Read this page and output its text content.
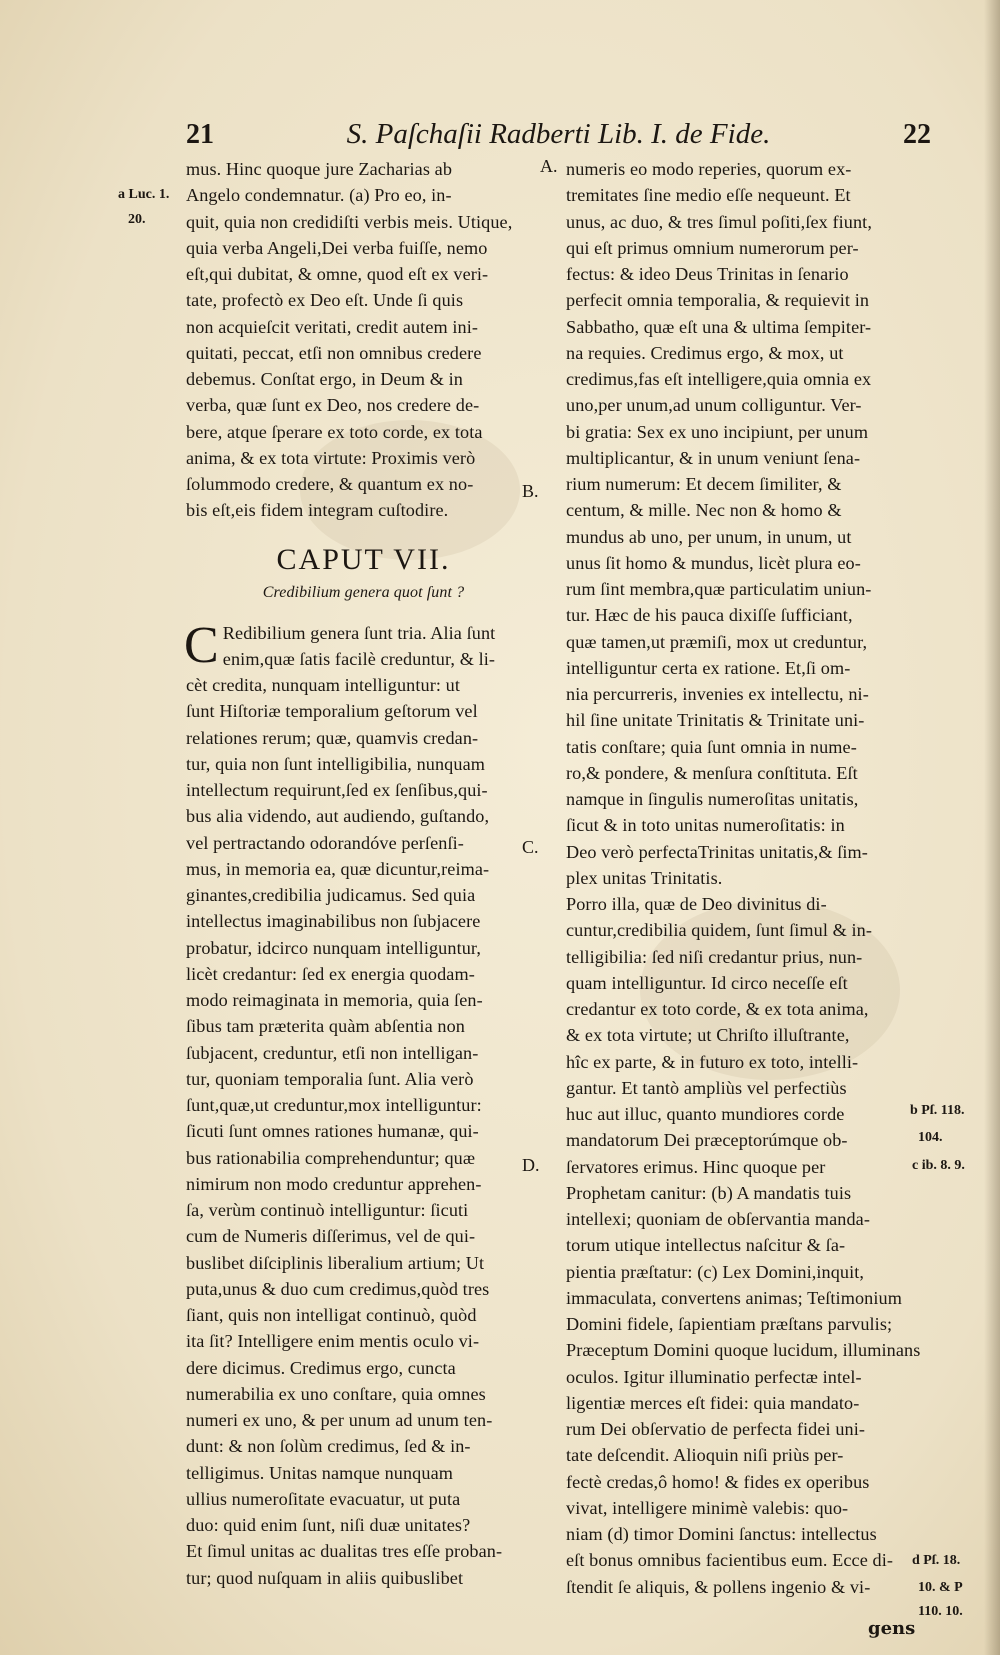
21	S. Paſchaſii Radberti Lib. I. de Fide.	22
mus. Hinc quoque jure Zacharias ab
Angelo condemnatur. (a) Pro eo, in-
quit, quia non credidiſti verbis meis. Utique,
quia verba Angeli,Dei verba fuiſſe, nemo
eſt,qui dubitat, & omne, quod eſt ex veri-
tate, profectò ex Deo eſt. Unde ſi quis
non acquieſcit veritati, credit autem ini-
quitati, peccat, etſi non omnibus credere
debemus. Conſtat ergo, in Deum & in
verba, quæ ſunt ex Deo, nos credere de-
bere, atque ſperare ex toto corde, ex tota
anima, & ex tota virtute: Proximis verò
ſolummodo credere, & quantum ex no-
bis eſt,eis fidem integram cuſtodire.
CAPUT VII.
Credibilium genera quot ſunt ?
C Redibilium genera ſunt tria. Alia ſunt
enim,quæ ſatis facilè creduntur, & li-
cèt credita, nunquam intelliguntur: ut
ſunt Hiſtoriæ temporalium geſtorum vel
relationes rerum; quæ, quamvis credan-
tur, quia non ſunt intelligibilia, nunquam
intellectum requirunt,ſed ex ſenſibus,qui-
bus alia videndo, aut audiendo, guſtando,
vel pertractando odorandóve perſenſi-
mus, in memoria ea, quæ dicuntur,reima-
ginantes,credibilia judicamus. Sed quia
intellectus imaginabilibus non ſubjacere
probatur, idcirco nunquam intelliguntur,
licèt credantur: ſed ex energia quodam-
modo reimaginata in memoria, quia ſen-
ſibus tam præterita quàm abſentia non
ſubjacent, creduntur, etſi non intelligan-
tur, quoniam temporalia ſunt. Alia verò
ſunt,quæ,ut creduntur,mox intelliguntur:
ſicuti ſunt omnes rationes humanæ, qui-
bus rationabilia comprehenduntur; quæ
nimirum non modo creduntur apprehen-
ſa, verùm continuò intelliguntur: ſicuti
cum de Numeris diſſerimus, vel de qui-
buslibet diſciplinis liberalium artium; Ut
puta,unus & duo cum credimus,quòd tres
ſiant, quis non intelligat continuò, quòd
ita ſit? Intelligere enim mentis oculo vi-
dere dicimus. Credimus ergo, cuncta
numerabilia ex uno conſtare, quia omnes
numeri ex uno, & per unum ad unum ten-
dunt: & non ſolùm credimus, ſed & in-
telligimus. Unitas namque nunquam
ullius numeroſitate evacuatur, ut puta
duo: quid enim ſunt, niſi duæ unitates?
Et ſimul unitas ac dualitas tres eſſe proban-
tur; quod nuſquam in aliis quibuslibet
numeris eo modo reperies, quorum ex-
tremitates ſine medio eſſe nequeunt. Et
unus, ac duo, & tres ſimul poſiti,ſex fiunt,
qui eſt primus omnium numerorum per-
fectus: & ideo Deus Trinitas in ſenario
perfecit omnia temporalia, & requievit in
Sabbatho, quæ eſt una & ultima ſempiter-
na requies. Credimus ergo, & mox, ut
credimus,fas eſt intelligere,quia omnia ex
uno,per unum,ad unum colliguntur. Ver-
bi gratia: Sex ex uno incipiunt, per unum
multiplicantur, & in unum veniunt ſena-
rium numerum: Et decem ſimiliter, &
centum, & mille. Nec non & homo &
mundus ab uno, per unum, in unum, ut
unus ſit homo & mundus, licèt plura eo-
rum ſint membra,quæ particulatim uniun-
tur. Hæc de his pauca dixiſſe ſufficiant,
quæ tamen,ut præmiſi, mox ut creduntur,
intelliguntur certa ex ratione. Et,ſi om-
nia percurreris, invenies ex intellectu, ni-
hil ſine unitate Trinitatis & Trinitate uni-
tatis conſtare; quia ſunt omnia in nume-
ro,& pondere, & menſura conſtituta. Eſt
namque in ſingulis numeroſitas unitatis,
ſicut & in toto unitas numeroſitatis: in
Deo verò perfectaTrinitas unitatis,& ſim-
plex unitas Trinitatis.
Porro illa, quæ de Deo divinitus di-
cuntur,credibilia quidem, ſunt ſimul & in-
telligibilia: ſed niſi credantur prius, nun-
quam intelliguntur. Id circo neceſſe eſt
credantur ex toto corde, & ex tota anima,
& ex tota virtute; ut Chriſto illuſtrante,
hîc ex parte, & in futuro ex toto, intelli-
gantur. Et tantò ampliùs vel perfectiùs
huc aut illuc, quanto mundiores corde
mandatorum Dei præceptorúmque ob-
ſervatores erimus. Hinc quoque per
Prophetam canitur: (b) A mandatis tuis
intellexi; quoniam de obſervantia manda-
torum utique intellectus naſcitur & ſa-
pientia præſtatur: (c) Lex Domini,inquit,
immaculata, convertens animas; Teſtimonium
Domini fidele, ſapientiam præſtans parvulis;
Præceptum Domini quoque lucidum, illuminans
oculos. Igitur illuminatio perfectæ intel-
ligentiæ merces eſt fidei: quia mandato-
rum Dei obſervatio de perfecta fidei uni-
tate deſcendit. Alioquin niſi priùs per-
fectè credas,ô homo! & fides ex operibus
vivat, intelligere minimè valebis: quo-
niam (d) timor Domini ſanctus: intellectus
eſt bonus omnibus facientibus eum. Ecce di-
ſtendit ſe aliquis, & pollens ingenio & vi-
A.
B.
C.
D.
a Luc. 1.
20.
b Pſ. 118.
104.
c ib. 8. 9.
d Pſ. 18.
10. & P
110. 10.
gens
